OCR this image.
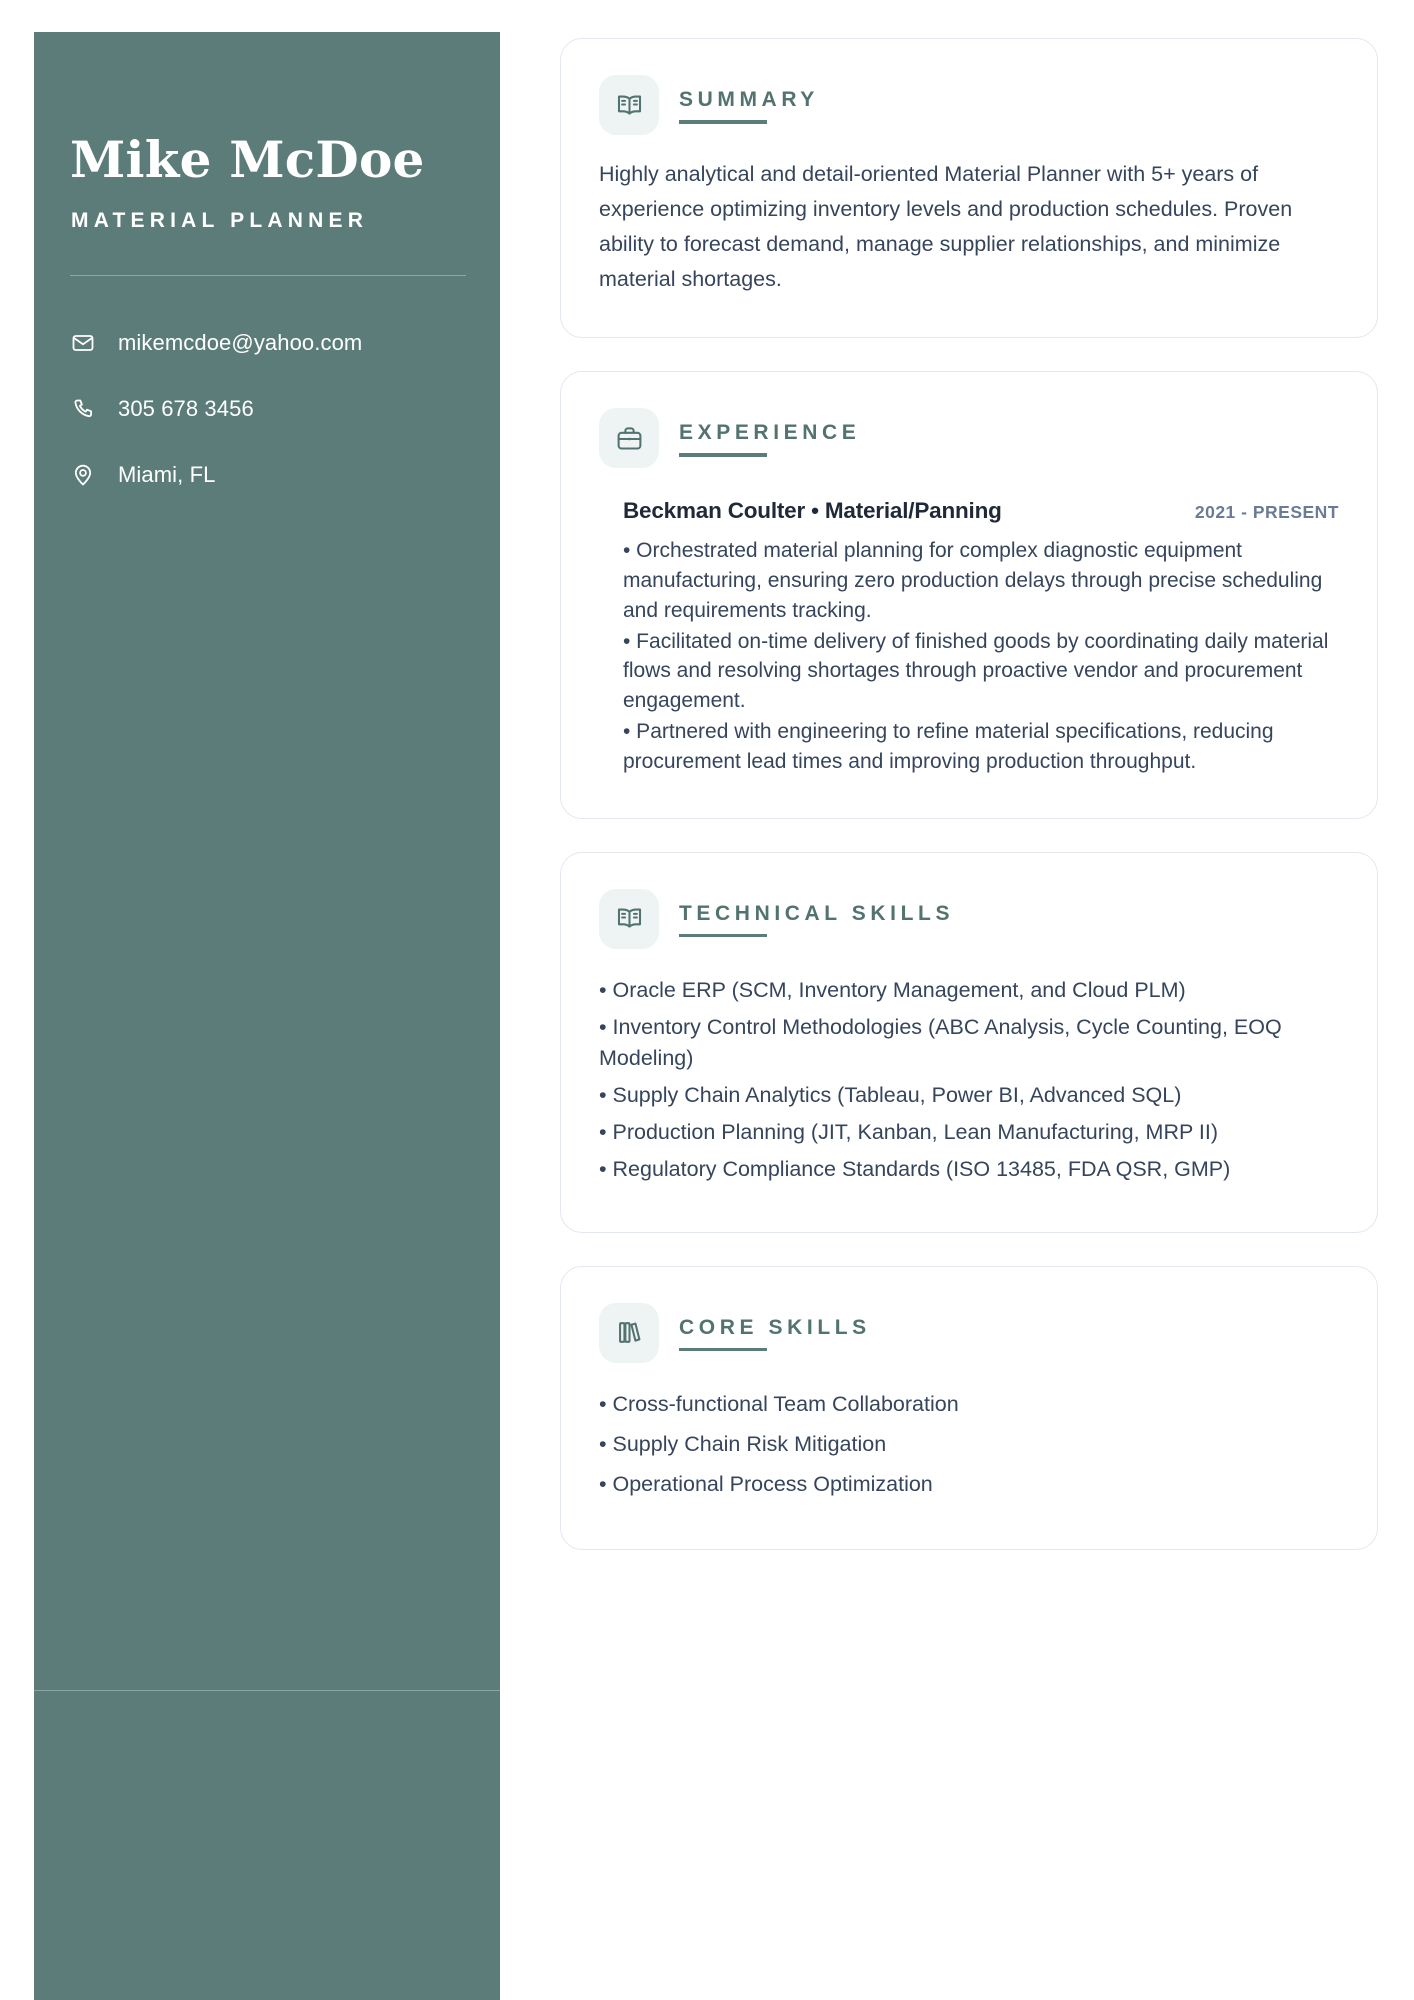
Mike McDoe
MATERIAL PLANNER
mikemcdoe@yahoo.com
305 678 3456
Miami, FL
SUMMARY

Highly analytical and detail-oriented Material Planner with 5+ years of experience optimizing inventory levels and production schedules. Proven ability to forecast demand, manage supplier relationships, and minimize material shortages.

EXPERIENCE
Beckman Coulter • Material/Panning	2021 - PRESENT
• Orchestrated material planning for complex diagnostic equipment manufacturing, ensuring zero production delays through precise scheduling and requirements tracking.
• Facilitated on-time delivery of finished goods by coordinating daily material flows and resolving shortages through proactive vendor and procurement engagement.
• Partnered with engineering to refine material specifications, reducing procurement lead times and improving production throughput.
TECHNICAL SKILLS
• Oracle ERP (SCM, Inventory Management, and Cloud PLM)
• Inventory Control Methodologies (ABC Analysis, Cycle Counting, EOQ Modeling)
• Supply Chain Analytics (Tableau, Power BI, Advanced SQL)
• Production Planning (JIT, Kanban, Lean Manufacturing, MRP II)
• Regulatory Compliance Standards (ISO 13485, FDA QSR, GMP)
CORE SKILLS
• Cross-functional Team Collaboration
• Supply Chain Risk Mitigation
• Operational Process Optimization
